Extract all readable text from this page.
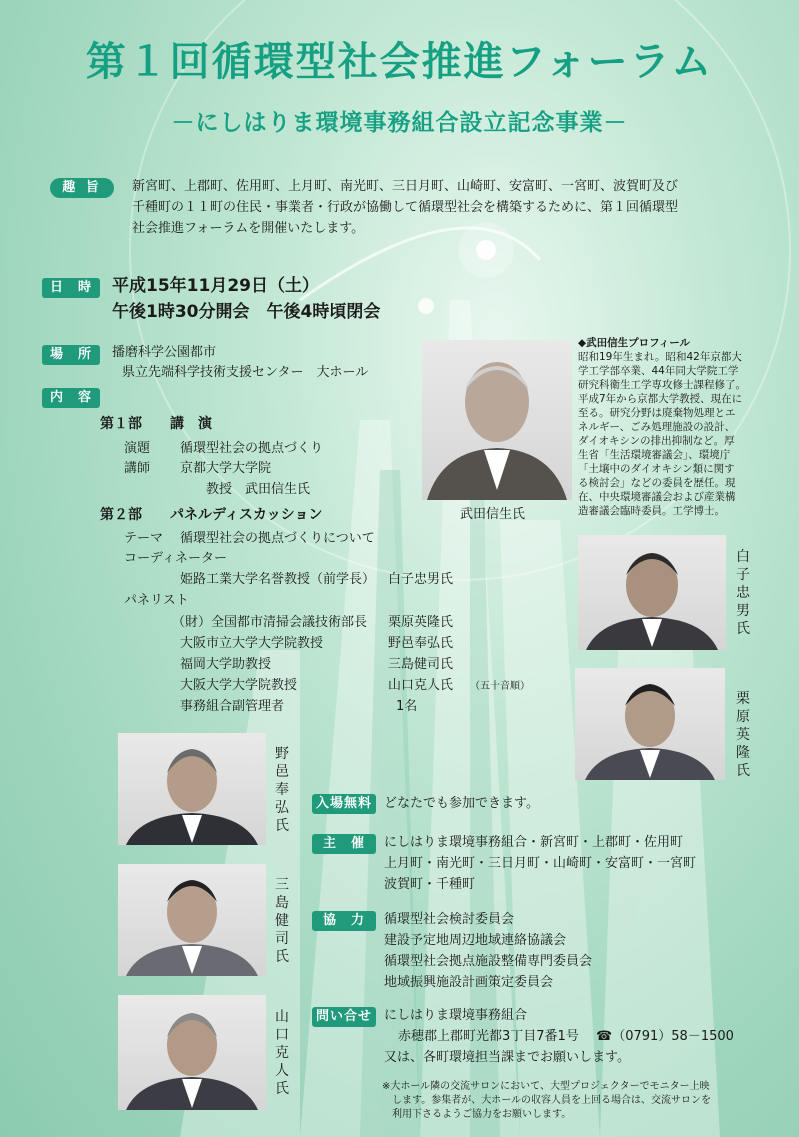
第１回循環型社会推進フォーラム
－にしはりま環境事務組合設立記念事業－
趣 旨	新宮町、上郡町、佐用町、上月町、南光町、三日月町、山崎町、安富町、一宮町、波賀町及び
千種町の１１町の住民・事業者・行政が協働して循環型社会を構築するために、第１回循環型
社会推進フォーラムを開催いたします。
日　時	平成15年11月29日（土）
午後1時30分開会　午後4時頃閉会
場　所	播磨科学公園都市
県立先端科学技術支援センター　大ホール
内　容
第１部　　講　演
演題 循環型社会の拠点づくり
講師 京都大学大学院
教授　武田信生氏
第２部　　パネルディスカッション
テーマ 循環型社会の拠点づくりについて
コーディネーター
姫路工業大学名誉教授（前学長） 白子忠男氏
パネリスト
（財）全国都市清掃会議技術部長 栗原英隆氏
大阪市立大学大学院教授	野邑奉弘氏
福岡大学助教授	三島健司氏
大阪大学大学院教授	山口克人氏 （五十音順）
事務組合副管理者	1名
武田信生氏
◆武田信生プロフィール
昭和19年生まれ。昭和42年京都大
学工学部卒業、44年同大学院工学
研究科衛生工学専攻修士課程修了。
平成7年から京都大学教授、現在に
至る。研究分野は廃棄物処理とエ
ネルギー、ごみ処理施設の設計、
ダイオキシンの排出抑制など。厚
生省「生活環境審議会」、環境庁
「土壌中のダイオキシン類に関す
る検討会」などの委員を歴任。現
在、中央環境審議会および産業構
造審議会臨時委員。工学博士。
白子忠男氏
栗原英隆氏
野邑奉弘氏
三島健司氏
山口克人氏
入場無料 どなたでも参加できます。
主　催	にしはりま環境事務組合・新宮町・上郡町・佐用町
上月町・南光町・三日月町・山崎町・安富町・一宮町
波賀町・千種町
協　力	循環型社会検討委員会
建設予定地周辺地域連絡協議会
循環型社会拠点施設整備専門委員会
地域振興施設計画策定委員会
問い合せ にしはりま環境事務組合
赤穂郡上郡町光都3丁目7番1号 ☎（0791）58－1500
又は、各町環境担当課までお願いします。
※大ホール隣の交流サロンにおいて、大型プロジェクターでモニター上映
　します。参集者が、大ホールの収容人員を上回る場合は、交流サロンを
　利用下さるようご協力をお願いします。
